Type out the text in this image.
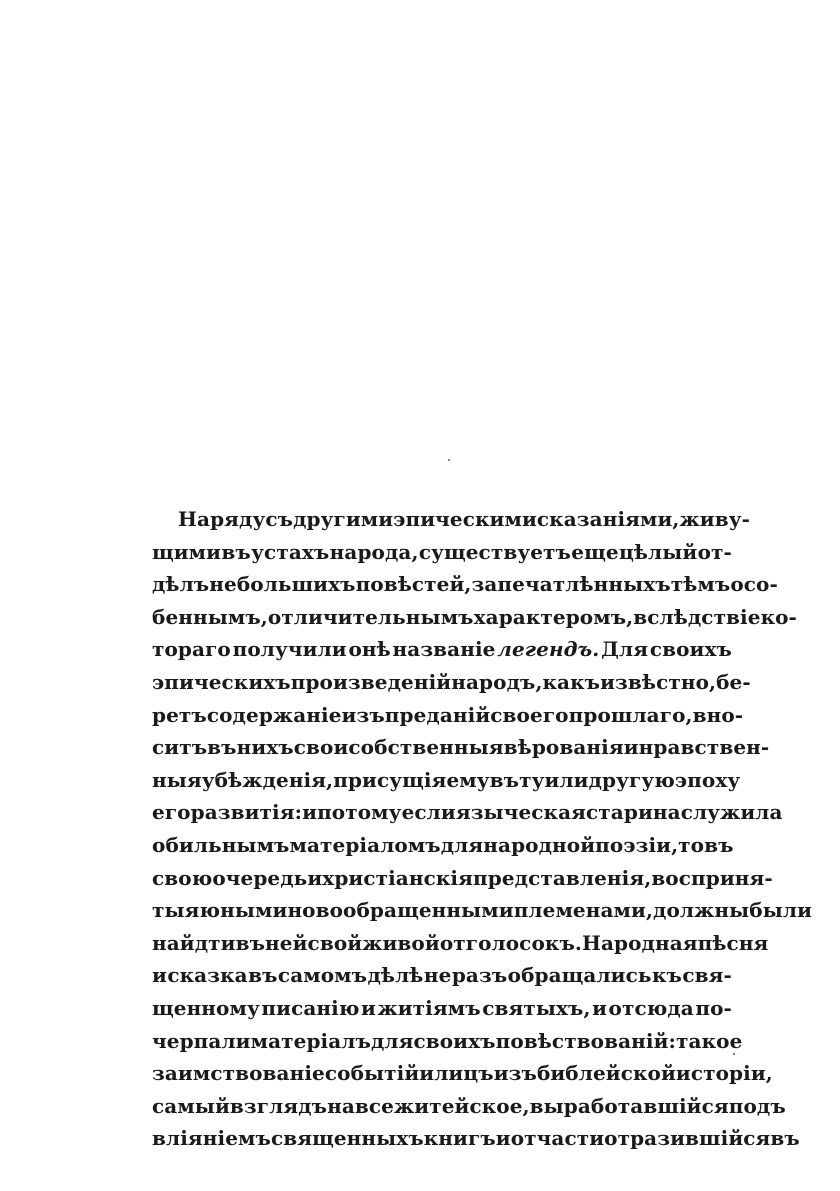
На ряду съ другими эпическими сказаніями, живу-
щими въ устахъ народа, существуетъ еще цѣлый от-
дѣлъ небольшихъ повѣстей, запечатлѣнныхъ тѣмъ осо-
беннымъ, отличительнымъ характеромъ, вслѣдствіе ко-
тораго получили онѣ названіе легендъ. Для своихъ
эпическихъ произведеній народъ, какъ извѣстно, бе-
ретъ содержаніе изъ преданій своего прошлаго, вно-
ситъ въ нихъ свои собственныя вѣрованія и нравствен-
ныя убѣжденія, присущія ему въ ту или другую эпоху
его развитія: и потому если языческая старина служила
обильнымъ матеріаломъ для народной поэзіи, то въ
свою очередь и христіанскія представленія, восприня-
тыя юными новообращенными племенами, должны были
найдти въ ней свой живой отголосокъ. Народная пѣсня
и сказка въ самомъ дѣлѣ не разъ обращались къ свя-
щенному писанію и житіямъ святыхъ, и отсюда по-
черпали матеріалъ для своихъ повѣствованій: такое
заимствованіе событій и лицъ изъ библейской исторіи,
самый взглядъ на все житейское, выработавшійся подъ
вліяніемъ священныхъ книгъ и отчасти отразившійся въ
